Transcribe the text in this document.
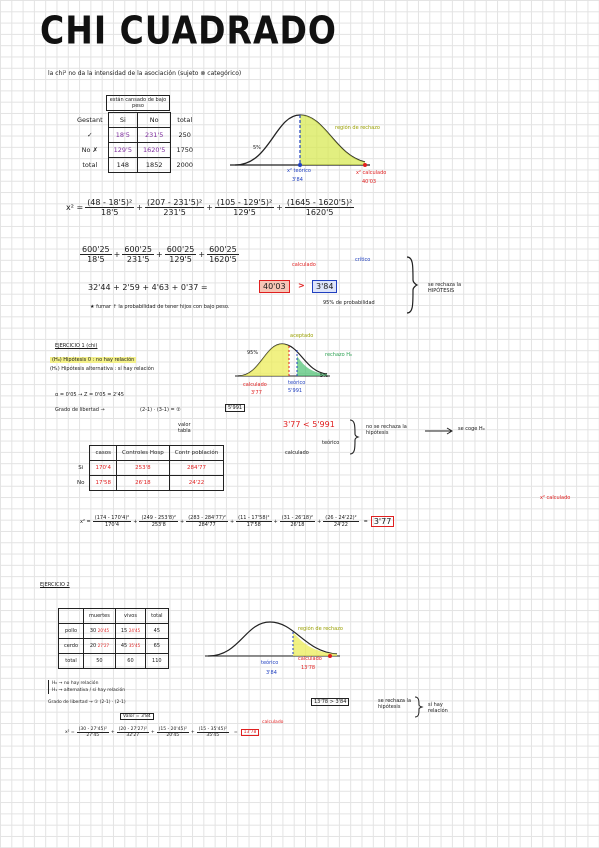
CHI CUADRADO
la chi² no da la intensidad de la asociación (sujeto ⊗ categórico)
están cansado de bajo peso
Gestant	Si	No	total
✓	18'5	231'5	250
No ✗	129'5	1620'5	1750
total	148	1852	2000
región de rechazo
5%
x² teórico
3'84
x² calculado
40'03
$x^2 = \frac{\text{(48 - 18'5)²}}{18'5} + \frac{\text{(207 - 231'5)²}}{231'5} + \frac{\text{(105 - 129'5)²}}{129'5} + \frac{\text{(1645 - 1620'5)²}}{1620'5}$
$\frac{600'25}{18'5} + \frac{600'25}{231'5} + \frac{600'25}{129'5} + \frac{600'25}{1620'5}$
32'44 + 2'59 + 4'63 + 0'37 =
calculado
crítico
40'03	>	3'84
95% de probabilidad
★ fumar ↑ la probabilidad de tener hijos con bajo peso.
se rechaza la HIPÓTESIS
EJERCICIO 1 (chi)
(H₀) Hipótesis 0 : no hay relación
(H₁) Hipótesis alternativa : sí hay relación
α = 0'05 → Z = 0'05 = 2'45
Grado de libertad →	(2-1) · (3-1) = ②	5'991
valor tabla
aceptado
rechazo H₀
95%
5%
calculado
3'77
teórico
5'991
3'77 < 5'991
calculado
teórico
no se rechaza la hipótesis
se coge H₀
	casos	Controles Hosp	Contr población
Si	170'4	253'8	284'77
No	17'58	26'18	24'22
$x^2 = \frac{\text{(174 - 170'4)²}}{170'4} + \frac{\text{(249 - 253'8)²}}{253'8} + \frac{\text{(283 - 284'77)²}}{284'77} + \frac{\text{(11 - 17'58)²}}{17'58} + \frac{\text{(31 - 26'18)²}}{26'18} + \frac{\text{(26 - 24'22)²}}{24'22} = 3'77$
x² calculado
EJERCICIO 2
	muertes	vivos	total
pollo	30 20'45	15 24'45	45
cerdo	20 27'27	45 35'45	65
total	50	60	110
región de rechazo
teórico
3'84
calculado
13'78
H₀ → no hay relación
H₁ → alternativa / sí hay relación
Grado de libertad → ① (2-1) · (2-1)
Valor = 3'84
13'78 > 3'84	se rechaza la hipótesis	sí hay relación
$x^2 = \frac{\text{(30 - 27'45)²}}{27'45} + \frac{\text{(20 - 27'27)²}}{32'27} + \frac{\text{(15 - 20'45)²}}{20'45} + \frac{\text{(15 - 35'45)²}}{35'45}$ =	13'78
calculado
